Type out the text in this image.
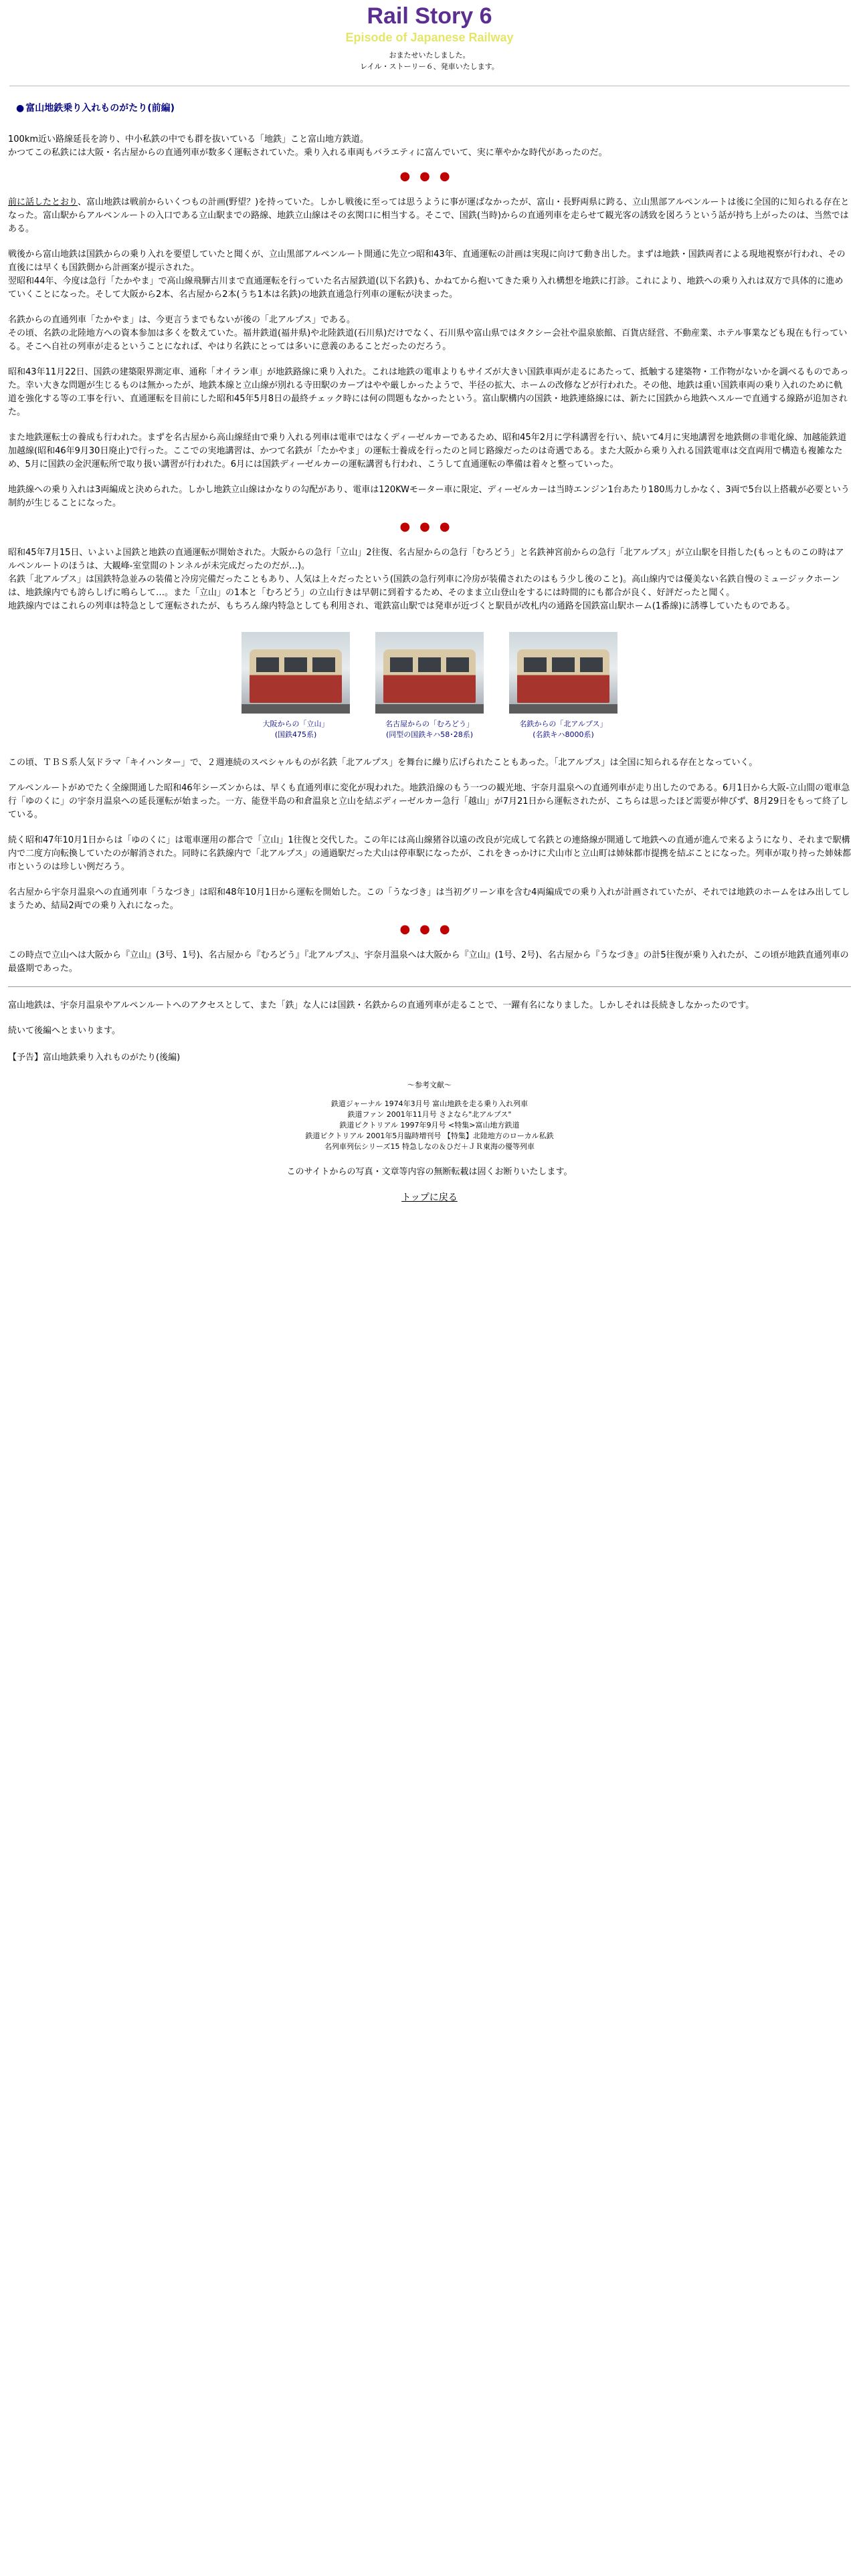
Rail Story 6
Episode of Japanese Railway
おまたせいたしました。
レイル・ストーリー６、発車いたします。
● 富山地鉄乗り入れものがたり(前編)

100km近い路線延長を誇り、中小私鉄の中でも群を抜いている「地鉄」こと富山地方鉄道。
かつてこの私鉄には大阪・名古屋からの直通列車が数多く運転されていた。乗り入れる車両もバラエティに富んでいて、実に華やかな時代があったのだ。

●●●

前に話したとおり、富山地鉄は戦前からいくつもの計画(野望？)を持っていた。しかし戦後に至っては思うように事が運ばなかったが、富山・長野両県に跨る、立山黒部アルペンルートは後に全国的に知られる存在となった。富山駅からアルペンルートの入口である立山駅までの路線、地鉄立山線はその玄関口に相当する。そこで、国鉄(当時)からの直通列車を走らせて観光客の誘致を図ろうという話が持ち上がったのは、当然ではある。

戦後から富山地鉄は国鉄からの乗り入れを要望していたと聞くが、立山黒部アルペンルート開通に先立つ昭和43年、直通運転の計画は実現に向けて動き出した。まずは地鉄・国鉄両者による現地視察が行われ、その直後には早くも国鉄側から計画案が提示された。
翌昭和44年、今度は急行「たかやま」で高山線飛騨古川まで直通運転を行っていた名古屋鉄道(以下名鉄)も、かねてから抱いてきた乗り入れ構想を地鉄に打診。これにより、地鉄への乗り入れは双方で具体的に進めていくことになった。そして大阪から2本、名古屋から2本(うち1本は名鉄)の地鉄直通急行列車の運転が決まった。

名鉄からの直通列車「たかやま」は、今更言うまでもないが後の「北アルプス」である。
その頃、名鉄の北陸地方への資本参加は多くを数えていた。福井鉄道(福井県)や北陸鉄道(石川県)だけでなく、石川県や富山県ではタクシー会社や温泉旅館、百貨店経営、不動産業、ホテル事業なども現在も行っている。そこへ自社の列車が走るということになれば、やはり名鉄にとっては多いに意義のあることだったのだろう。

昭和43年11月22日、国鉄の建築限界測定車、通称「オイラン車」が地鉄路線に乗り入れた。これは地鉄の電車よりもサイズが大きい国鉄車両が走るにあたって、抵触する建築物・工作物がないかを調べるものであった。幸い大きな問題が生じるものは無かったが、地鉄本線と立山線が別れる寺田駅のカーブはやや厳しかったようで、半径の拡大、ホームの改修などが行われた。その他、地鉄は重い国鉄車両の乗り入れのために軌道を強化する等の工事を行い、直通運転を目前にした昭和45年5月8日の最終チェック時には何の問題もなかったという。富山駅構内の国鉄・地鉄連絡線には、新たに国鉄から地鉄へスルーで直通する線路が追加された。

また地鉄運転士の養成も行われた。まずを名古屋から高山線経由で乗り入れる列車は電車ではなくディーゼルカーであるため、昭和45年2月に学科講習を行い、続いて4月に実地講習を地鉄側の非電化線、加越能鉄道加越線(昭和46年9月30日廃止)で行った。ここでの実地講習は、かつて名鉄が「たかやま」の運転士養成を行ったのと同じ路線だったのは奇遇である。また大阪から乗り入れる国鉄電車は交直両用で構造も複雑なため、5月に国鉄の金沢運転所で取り扱い講習が行われた。6月には国鉄ディーゼルカーの運転講習も行われ、こうして直通運転の準備は着々と整っていった。

地鉄線への乗り入れは3両編成と決められた。しかし地鉄立山線はかなりの勾配があり、電車は120KWモーター車に限定、ディーゼルカーは当時エンジン1台あたり180馬力しかなく、3両で5台以上搭載が必要という制約が生じることになった。

●●●

昭和45年7月15日、いよいよ国鉄と地鉄の直通運転が開始された。大阪からの急行「立山」2往復、名古屋からの急行「むろどう」と名鉄神宮前からの急行「北アルプス」が立山駅を目指した(もっとものこの時はアルペンルートのほうは、大観峰-室堂間のトンネルが未完成だったのだが…)。
名鉄「北アルプス」は国鉄特急並みの装備と冷房完備だったこともあり、人気は上々だったという(国鉄の急行列車に冷房が装備されたのはもう少し後のこと)。高山線内では優美ない名鉄自慢のミュージックホーンは、地鉄線内でも誇らしげに鳴らして…。また「立山」の1本と「むろどう」の立山行きは早朝に到着するため、そのまま立山登山をするには時間的にも都合が良く、好評だったと聞く。
地鉄線内ではこれらの列車は特急として運転されたが、もちろん線内特急としても利用され、電鉄富山駅では発車が近づくと駅員が改札内の通路を国鉄富山駅ホーム(1番線)に誘導していたものである。

大阪からの「立山」
(国鉄475系)
名古屋からの「むろどう」
(同型の国鉄キハ58･28系)
名鉄からの「北アルプス」
(名鉄キハ8000系)

この頃、ＴＢＳ系人気ドラマ「キイハンター」で、２週連続のスペシャルものが名鉄「北アルプス」を舞台に繰り広げられたこともあった。「北アルプス」は全国に知られる存在となっていく。

アルペンルートがめでたく全線開通した昭和46年シーズンからは、早くも直通列車に変化が現われた。地鉄沿線のもう一つの観光地、宇奈月温泉への直通列車が走り出したのである。6月1日から大阪-立山間の電車急行「ゆのくに」の宇奈月温泉への延長運転が始まった。一方、能登半島の和倉温泉と立山を結ぶディーゼルカー急行「越山」が7月21日から運転されたが、こちらは思ったほど需要が伸びず、8月29日をもって終了している。

続く昭和47年10月1日からは「ゆのくに」は電車運用の都合で「立山」1往復と交代した。この年には高山線猪谷以遠の改良が完成して名鉄との連絡線が開通して地鉄への直通が進んで来るようになり、それまで駅構内で二度方向転換していたのが解消された。同時に名鉄線内で「北アルプス」の通過駅だった犬山は停車駅になったが、これをきっかけに犬山市と立山町は姉妹都市提携を結ぶことになった。列車が取り持った姉妹都市というのは珍しい例だろう。

名古屋から宇奈月温泉への直通列車「うなづき」は昭和48年10月1日から運転を開始した。この「うなづき」は当初グリーン車を含む4両編成での乗り入れが計画されていたが、それでは地鉄のホームをはみ出してしまうため、結局2両での乗り入れになった。

●●●

この時点で立山へは大阪から『立山』(3号、1号)、名古屋から『むろどう』『北アルプス』、宇奈月温泉へは大阪から『立山』(1号、2号)、名古屋から『うなづき』の計5往復が乗り入れたが、この頃が地鉄直通列車の最盛期であった。

富山地鉄は、宇奈月温泉やアルペンルートへのアクセスとして、また「鉄」な人には国鉄・名鉄からの直通列車が走ることで、一躍有名になりました。しかしそれは長続きしなかったのです。

続いて後編へとまいります。

【予告】富山地鉄乗り入れものがたり(後編)
～参考文献～
鉄道ジャーナル 1974年3月号 富山地鉄を走る乗り入れ列車
鉄道ファン 2001年11月号 さよなら"北アルプス"
鉄道ピクトリアル 1997年9月号 <特集>富山地方鉄道
鉄道ピクトリアル 2001年5月臨時増刊号 【特集】北陸地方のローカル私鉄
名列車列伝シリーズ15 特急しなの＆ひだ＋ＪＲ東海の優等列車
このサイトからの写真・文章等内容の無断転載は固くお断りいたします。
トップに戻る
